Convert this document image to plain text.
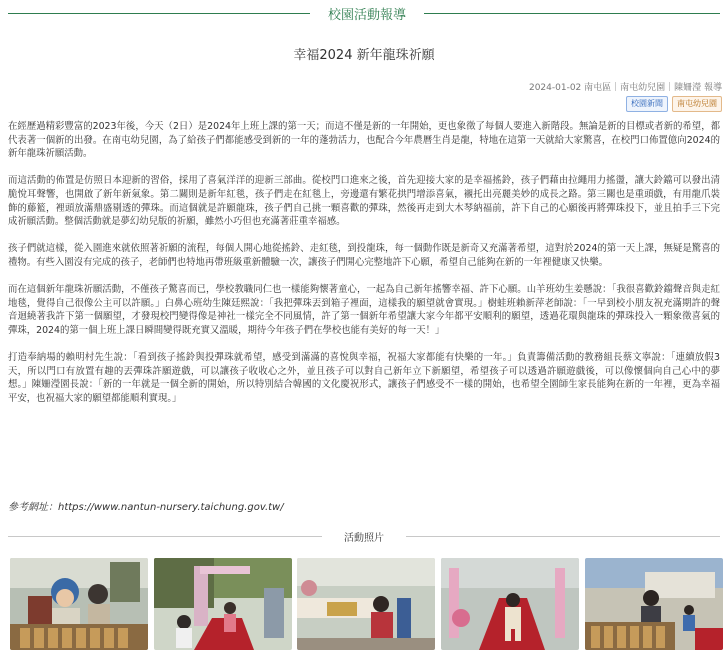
校園活動報導
幸福2024 新年龍珠祈願
2024-01-02 南屯區｜南屯幼兒園｜陳姍瀅 報導
校園新聞	南屯幼兒園

在經歷過精彩豐富的2023年後，今天（2日）是2024年上班上課的第一天；而這不僅是新的一年開始，更也象徵了每個人要進入新階段。無論是新的目標或者新的希望，都代表著一個新的出發。在南屯幼兒園，為了給孩子們都能感受到新的一年的蓬勃活力，也配合今年農曆生肖是龍，特地在這第一天就給大家驚喜，在校門口佈置億向2024的新年龍珠祈願活動。

而這活動的佈置是仿照日本迎新的習俗，採用了喜氣洋洋的迎新三部曲。從校門口進來之後，首先迎接大家的是幸福搖鈴，孩子們藉由拉繩用力搖盪，讓大鈴鐺可以發出清脆悅耳聲響，也開啟了新年新氣象。第二關則是新年紅毯，孩子們走在紅毯上，旁邊還有繁花拱門增添喜氣，襯托出亮麗美妙的成長之路。第三關也是重頭戲，有用龍爪裝飾的藤籃，裡頭放滿鼎盛剔透的彈珠。而這個就是許願龍珠，孩子們自己挑一顆喜歡的彈珠，然後再走到大木琴納福前，許下自己的心願後再將彈珠投下，並且拍手三下完成祈願活動。整個活動就是夢幻幼兒版的祈願，雖然小巧但也充滿著莊重幸福感。

孩子們就這樣，從入園進來就依照著祈願的流程，每個人開心地從搖鈴、走紅毯，到投龍珠，每一個動作既是新奇又充滿著希望，這對於2024的第一天上課，無疑是驚喜的禮物。有些入園沒有完成的孩子，老師們也特地再帶班級重新體驗一次，讓孩子們開心完整地許下心願，希望自己能夠在新的一年裡健康又快樂。

而在這個新年龍珠祈願活動，不僅孩子驚喜而已，學校教職同仁也一樣能夠懷著童心，一起為自己新年搖響幸福、許下心願。山羊班幼生姜懸說：「我很喜歡鈴鐺聲音與走紅地毯，覺得自己很像公主可以許願。」白鼻心班幼生陳廷熙說：「我把彈珠丟到箱子裡面，這樣我的願望就會實現。」樹蛙班賴新萍老師說：「一早到校小朋友祝充滿期許的聲音迴繞著我許下第一個願望，才發現校門變得像是神社一樣完全不同風情，許了第一個新年希望讓大家今年都平安順利的願望，透過花環與龍珠的彈珠投入一顆象徵喜氣的彈珠，2024的第一個上班上課日瞬間變得既充實又溫暖，期待今年孩子們在學校也能有美好的每一天！」

打造奉納場的賴明村先生說：「看到孩子搖鈴與投彈珠就希望，感受到滿滿的喜悅與幸福，祝福大家都能有快樂的一年。」負責籌備活動的教務組長蔡文寧說：「連續放假3天，所以門口有放置有趣的丟彈珠許願遊戲，可以讓孩子收收心之外，並且孩子可以對自己新年立下新願望，希望孩子可以透過許願遊戲後，可以像懷個向自己心中的夢想。」陳姍瀅園長說：「新的一年就是一個全新的開始，所以特別結合韓國的文化慶祝形式，讓孩子們感受不一樣的開始，也希望全園師生家長能夠在新的一年裡，更為幸福平安，也祝福大家的願望都能順利實現。」

參考網址：https://www.nantun-nursery.taichung.gov.tw/
活動照片
